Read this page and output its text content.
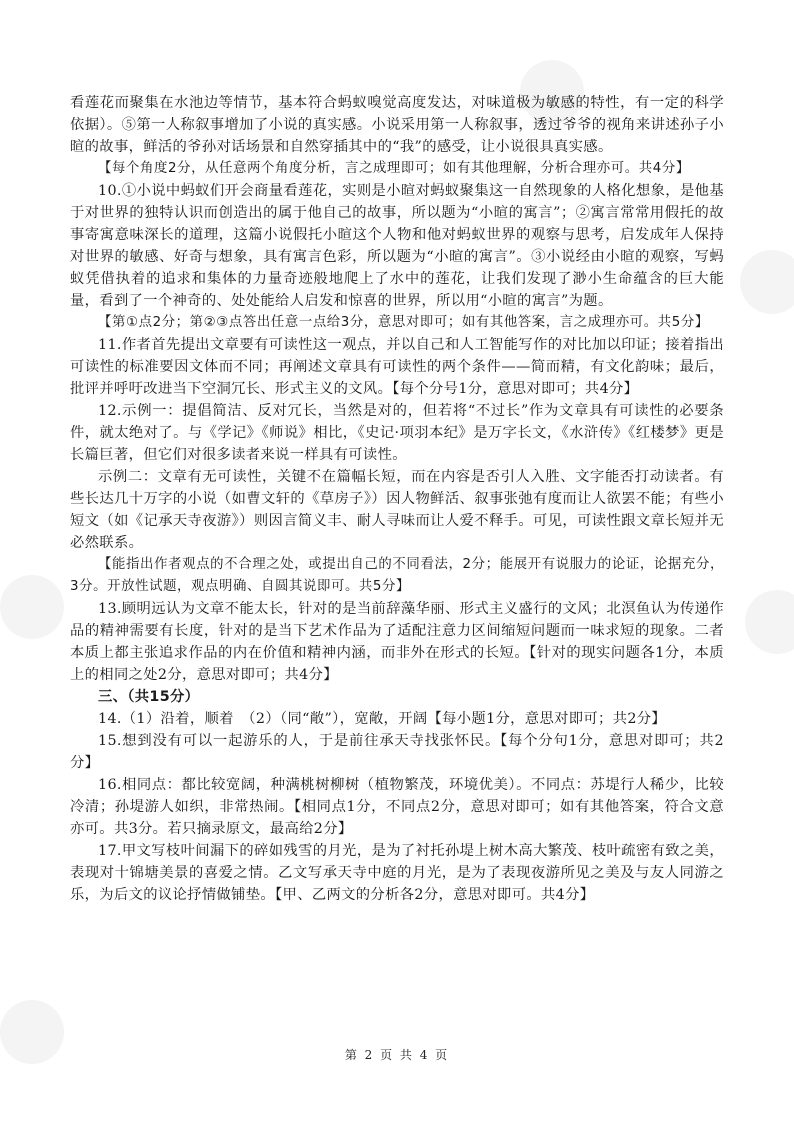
看莲花而聚集在水池边等情节，基本符合蚂蚁嗅觉高度发达，对味道极为敏感的特性，有一定的科学依据）。⑤第一人称叙事增加了小说的真实感。小说采用第一人称叙事，透过爷爷的视角来讲述孙子小暄的故事，鲜活的爷孙对话场景和自然穿插其中的“我”的感受，让小说很具真实感。

【每个角度2分，从任意两个角度分析，言之成理即可；如有其他理解，分析合理亦可。共4分】

10.①小说中蚂蚁们开会商量看莲花，实则是小暄对蚂蚁聚集这一自然现象的人格化想象，是他基于对世界的独特认识而创造出的属于他自己的故事，所以题为“小暄的寓言”；②寓言常常用假托的故事寄寓意味深长的道理，这篇小说假托小暄这个人物和他对蚂蚁世界的观察与思考，启发成年人保持对世界的敏感、好奇与想象，具有寓言色彩，所以题为“小暄的寓言”。③小说经由小暄的观察，写蚂蚁凭借执着的追求和集体的力量奇迹般地爬上了水中的莲花，让我们发现了渺小生命蕴含的巨大能量，看到了一个神奇的、处处能给人启发和惊喜的世界，所以用“小暄的寓言”为题。

【第①点2分；第②③点答出任意一点给3分，意思对即可；如有其他答案，言之成理亦可。共5分】

11.作者首先提出文章要有可读性这一观点，并以自己和人工智能写作的对比加以印证；接着指出可读性的标准要因文体而不同；再阐述文章具有可读性的两个条件——简而精，有文化韵味；最后，批评并呼吁改进当下空洞冗长、形式主义的文风。【每个分号1分，意思对即可；共4分】

12.示例一：提倡简洁、反对冗长，当然是对的，但若将“不过长”作为文章具有可读性的必要条件，就太绝对了。与《学记》《师说》相比，《史记·项羽本纪》是万字长文，《水浒传》《红楼梦》更是长篇巨著，但它们对很多读者来说一样具有可读性。

示例二：文章有无可读性，关键不在篇幅长短，而在内容是否引人入胜、文字能否打动读者。有些长达几十万字的小说（如曹文轩的《草房子》）因人物鲜活、叙事张弛有度而让人欲罢不能；有些小短文（如《记承天寺夜游》）则因言简义丰、耐人寻味而让人爱不释手。可见，可读性跟文章长短并无必然联系。

【能指出作者观点的不合理之处，或提出自己的不同看法，2分；能展开有说服力的论证，论据充分，3分。开放性试题，观点明确、自圆其说即可。共5分】

13.顾明远认为文章不能太长，针对的是当前辞藻华丽、形式主义盛行的文风；北溟鱼认为传递作品的精神需要有长度，针对的是当下艺术作品为了适配注意力区间缩短问题而一味求短的现象。二者本质上都主张追求作品的内在价值和精神内涵，而非外在形式的长短。【针对的现实问题各1分，本质上的相同之处2分，意思对即可；共4分】

三、（共15分）

14.（1）沿着，顺着　（2）（同“敞”），宽敞，开阔【每小题1分，意思对即可；共2分】

15.想到没有可以一起游乐的人，于是前往承天寺找张怀民。【每个分句1分，意思对即可；共2分】

16.相同点：都比较宽阔，种满桃树柳树（植物繁茂，环境优美）。不同点：苏堤行人稀少，比较冷清；孙堤游人如织，非常热闹。【相同点1分，不同点2分，意思对即可；如有其他答案，符合文意亦可。共3分。若只摘录原文，最高给2分】

17.甲文写枝叶间漏下的碎如残雪的月光，是为了衬托孙堤上树木高大繁茂、枝叶疏密有致之美，表现对十锦塘美景的喜爱之情。乙文写承天寺中庭的月光，是为了表现夜游所见之美及与友人同游之乐，为后文的议论抒情做铺垫。【甲、乙两文的分析各2分，意思对即可。共4分】

第 2 页 共 4 页
